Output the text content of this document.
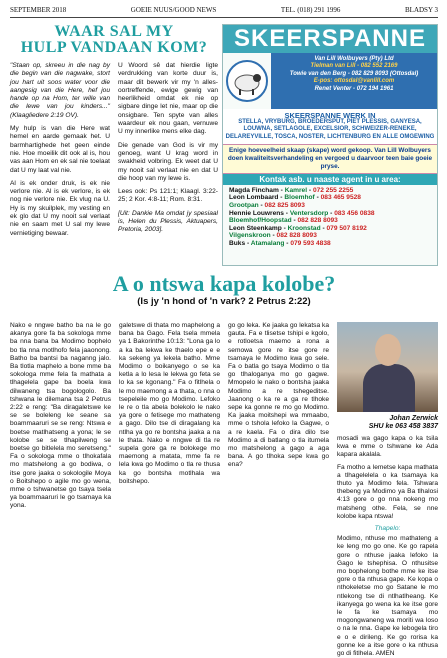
SEPTEMBER 2018	GOEIE NUUS/GOOD NEWS	TEL. (018) 291 1996	BLADSY 3
WAAR SAL MY
HULP VANDAAN KOM?

"Staan op, skreeu in die nag by die begin van die nagwake, stort jou hart uit soos water voor die aangesig van die Here, hef jou hande op na Hom, ter wille van die lewe van jou kinders..." (Klaagliedere 2:19 OV).

My hulp is van die Here wat hemel en aarde gemaak het. U barmhartighede het geen einde nie. Hoe moeilik dit ook al is, hou vas aan Hom en ek sal nie toelaat dat U my laat val nie.

Al is ek onder druk, is ek nie verlore nie. Al is ek verlore, is ek nog nie verlore nie. Ek vlug na U. Hy is my skuilplek, my vesting en ek glo dat U my nooit sal verlaat nie en saam met U sal my lewe vernietiging bewaar.

U Woord sê dat hierdie ligte verdrukking van korte duur is, maar dit bewerk vir my 'n alles-oortreffende, ewige gewig van heerlikheid omdat ek nie op sigbare dinge let nie, maar op die onsigbare. Ten spyte van alles waardeur ek nou gaan, vernuwe U my innerlike mens elke dag.

Die genade van God is vir my genoeg, want U krag word in swakheid volbring. Ek weet dat U my nooit sal verlaat nie en dat U die hoop van my lewe is.

Lees ook: Ps 121:1; Klaagl. 3:22-25; 2 Kor. 4:8-11; Rom. 8:31.

[Uit: Dankie Ma omdat jy spesiaal is, Helen du Plessis, Aktuapers, Pretoria, 2003].

SKEERSPANNE
Van Lill Wolbuyers (Pty) Ltd
Tielman van Lill - 082 552 2169
Towie van den Berg - 082 829 8093 (Ottosdal)
E-pos: ottosdal@vanlill.com
Renet Venter - 072 194 1961
SKEERSPANNE WERK IN
STELLA, VRYBURG, BROEDERSPUT, PIET PLESSIS, GANYESA, LOUWNA, SETLAGOLE, EXCELSIOR, SCHWEIZER-RENEKE, DELAREYVILLE, TOSCA, NOSTER, LICHTENBURG EN ALLE OMGEWING
Enige hoeveelheid skaap (skape) word gekoop. Van Lill Wolbuyers doen kwaliteitsverhandeling en vergoed u daarvoor teen baie goeie pryse.
Kontak asb. u naaste agent in u area:
Magda Fincham - Kamrel - 072 255 2255
Leon Lombaard - Bloemhof - 083 465 9528
Grootpan - 082 825 8093
Hennie Louwrens - Ventersdorp - 083 456 0838
Bloemhof/Hoopstad - 082 828 8093
Leon Steenkamp - Kroonstad - 079 507 8192
Vilgenskroon - 082 828 8093
Buks - Atamalang - 079 593 4838
A o ntswa kapa kolobe?
(Is jy 'n hond of 'n vark? 2 Petrus 2:22)

Nako e nngwe batho ba na le go akanya gore fa ba sokologa mme ba nna bana ba Modimo bophelo bo tla nna motlhofo fela jaaonong. Batho ba bantsi ba naganng jalo. Ba tlotla maphelo a bone mme ba sokologa mme fela fa mathata a tlhagelela gape ba boela kwa dilwaneng tsa bogologolo. Ba tshwana le dilemana tsa 2 Petrus 2:22 e reng: "Ba diragaletswe ke se se boleleng ke seane sa boammaaruri se se reng: Ntswa e boetse matlhatseng a yona; le se kolobe se se tlhapilweng se boetse go bitlelela mo seretseng." Fa o sokologa mme o tlhokafala mo matshelong a go bodiwa, o itse gore jaaka o sokologile Moya o Boitshepo o agile mo go wena, mme o tshwanetse go tsaya tsela ya boammaaruri le go tsamaya ka yona.

galetswe di thata mo maphelong a bana ba Gago. Fela tsela mmela ya 1 Bakorinthe 10:13: "Lona ga lo a ka ba lekwa ke thaelo epe e e ka sekeng ya lekela batho. Mme Modimo o boikanyego o se ka ketla a lo lesa le lekwa go feta se lo ka se kgonang." Fa o fitlhela o le mo maemong a a thata, o nna o tsepeleile mo go Modimo. Lefoko le re o tla abela bolekolo le nako ya gore o fetisege mo mathateng a gago. Dilo tse di diragalang ka ntlha ya go re bontsha jaaka a na le thata. Nako e nngwe di tla re supela gore ga re bolokege mo maemong a matata, mme fa re lela kwa go Modimo o tla re thusa ka go bontsha motlhala wa boitshepo.

go go leka. Ke jaaka go lekatsa ka gauta. Fa e tlisetse tshipi e kgolo, e rotloetsa maemo a rona a semowa gore re itse gore re tsamaya le Modimo kwa go sele. Fa o batla go tsaya Modimo o tla go tlhaloganya mo go gagwe. Mmopelo le nako o bontsha jaaka Modimo a re tshegeditse. Jaanong o ka re a ga re tlhoke sepe ka gonne re mo go Modimo. Ka jaaka moitshepi wa mmaabo, mme o tshola lefoko la Gagwe, o a re kaela. Fa o dira dilo tse Modimo a di batlang o tla itumela mo matshelong a gago a aga bana. A go tlhoka sepe kwa go ena?

Johan Zerwick
SHU ke 063 458 3837

mosadi wa gago kapa o ka tsila kwa e mme o tshwane ke Ada kapara akalala.

Fa motho a lemetse kapa mathata a tlhagelelela o ka tsamaya ka thuto ya Modimo fela. Tshwara thebeng ya Modimo ya Ba tlhalosi 4:13 gore o go nna nokeng mo matsheng othe. Fela, se nne kolobe kapa ntswa!

Thapelo:

Modimo, nthuse mo mathateng a ke leng mo go one. Ke go rapela gore o nthuse jaaka lefoko la Gago le tshephisa. O nthusitse mo bophelong bothe mme ke itse gore o tla nthusa gape. Ke kopa o nthokeletse mo go Satane le mo ntlekong tse di ntlhatlheang. Ke ikanyega go wena ka ke itse gore le fa ke tsamaya mo mogongwaneng wa moriti wa loso o na le nna. Gape ke lebogela tiro e o e dirileng. Ke go rorisa ka gonne ke a itse gore o ka nthusa go di fitlhela. AMEN
